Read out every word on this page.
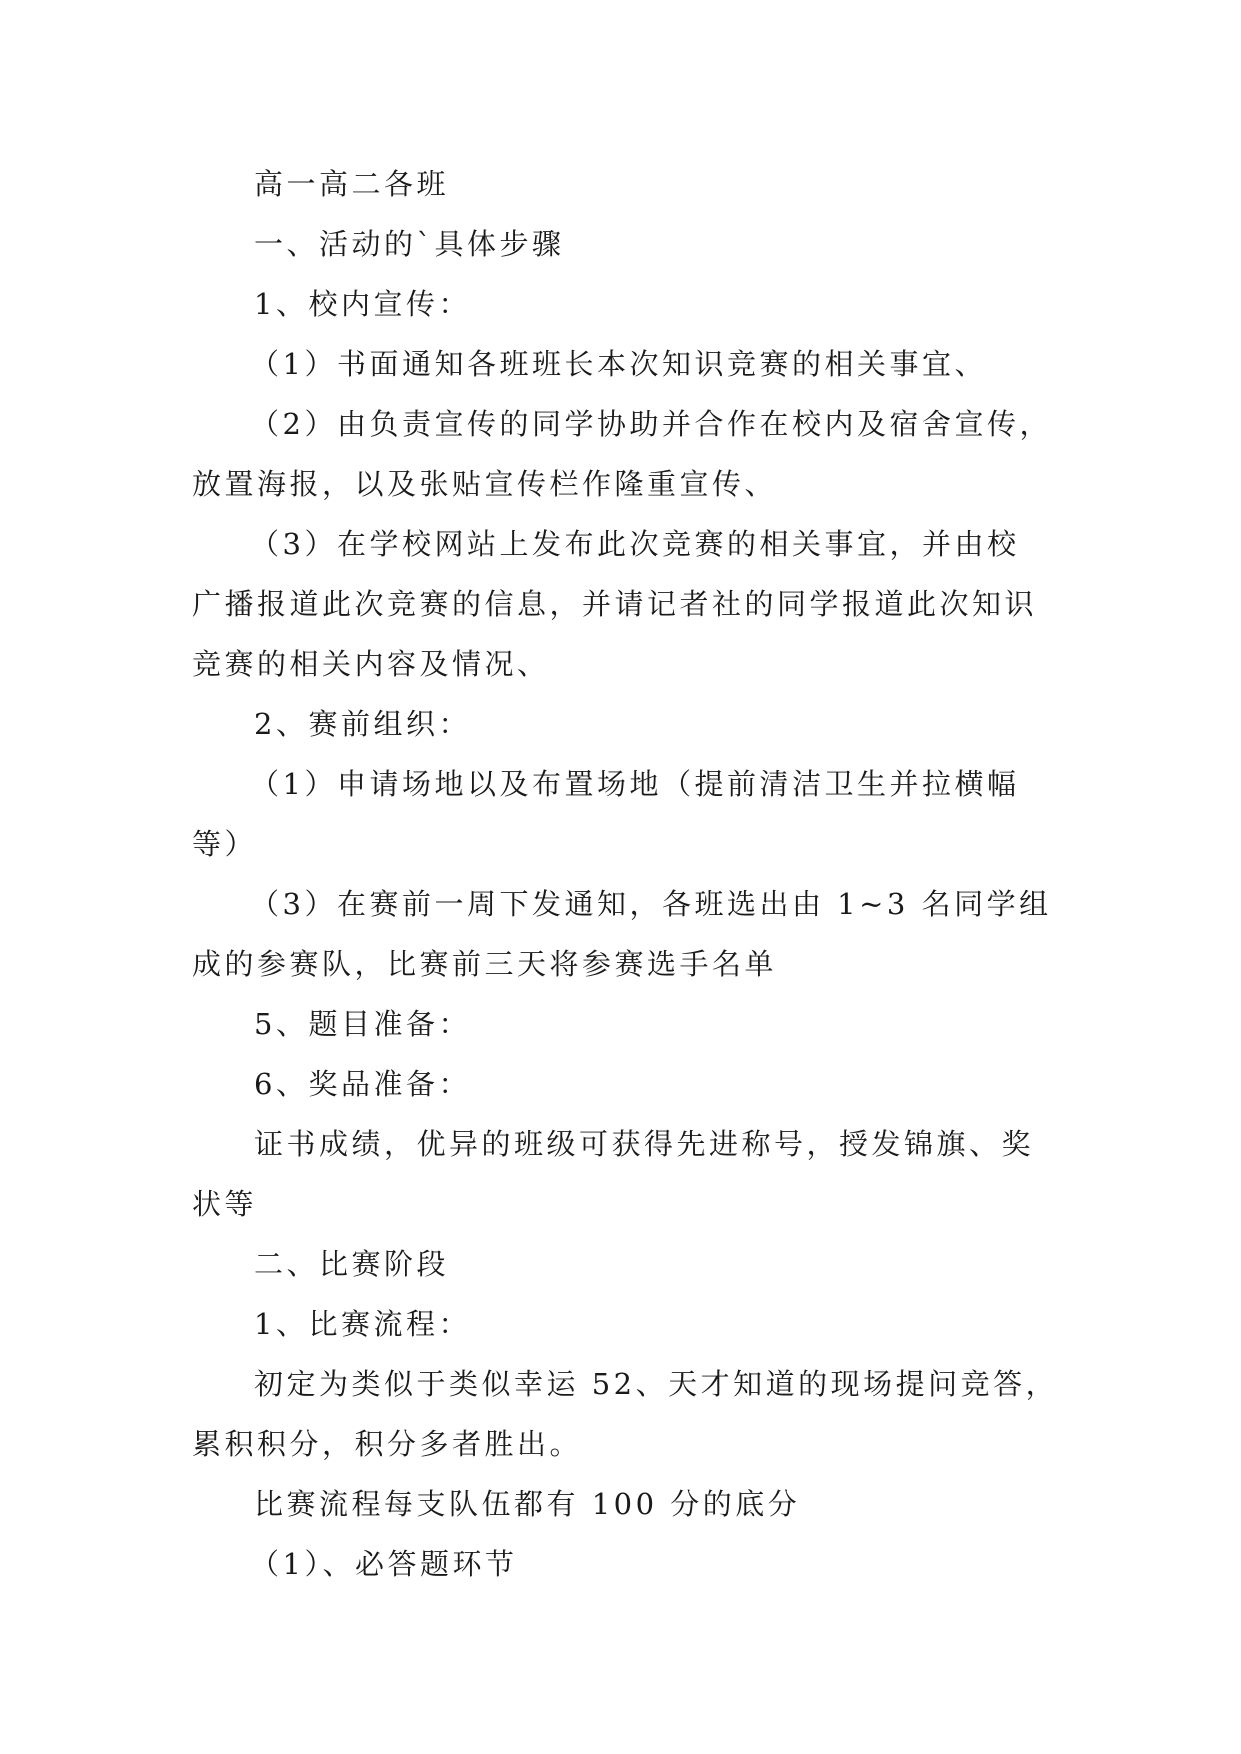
高一高二各班
一、活动的`具体步骤
1、校内宣传：
（1）书面通知各班班长本次知识竞赛的相关事宜、
（2）由负责宣传的同学协助并合作在校内及宿舍宣传，
放置海报，以及张贴宣传栏作隆重宣传、
（3）在学校网站上发布此次竞赛的相关事宜，并由校
广播报道此次竞赛的信息，并请记者社的同学报道此次知识
竞赛的相关内容及情况、
2、赛前组织：
（1）申请场地以及布置场地（提前清洁卫生并拉横幅
等）
（3）在赛前一周下发通知，各班选出由 1~3 名同学组
成的参赛队，比赛前三天将参赛选手名单
5、题目准备：
6、奖品准备：
证书成绩，优异的班级可获得先进称号，授发锦旗、奖
状等
二、比赛阶段
1、比赛流程：
初定为类似于类似幸运 52、天才知道的现场提问竞答，
累积积分，积分多者胜出。
比赛流程每支队伍都有 100 分的底分
（1）、必答题环节
